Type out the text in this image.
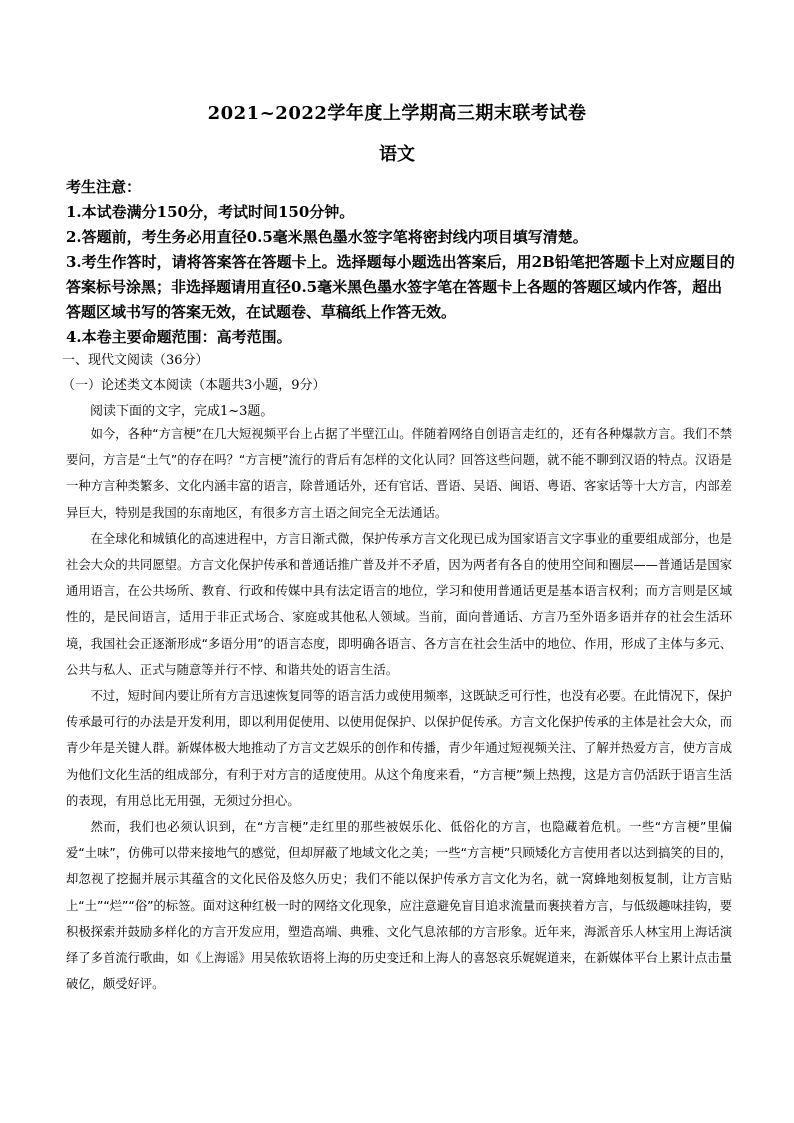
2021~2022学年度上学期高三期末联考试卷
语文

考生注意：

1.本试卷满分150分，考试时间150分钟。

2.答题前，考生务必用直径0.5毫米黑色墨水签字笔将密封线内项目填写清楚。

3.考生作答时，请将答案答在答题卡上。选择题每小题选出答案后，用2B铅笔把答题卡上对应题目的答案标号涂黑；非选择题请用直径0.5毫米黑色墨水签字笔在答题卡上各题的答题区域内作答，超出答题区域书写的答案无效，在试题卷、草稿纸上作答无效。

4.本卷主要命题范围：高考范围。

一、现代文阅读（36分）
（一）论述类文本阅读（本题共3小题，9分）
阅读下面的文字，完成1~3题。

如今，各种“方言梗”在几大短视频平台上占据了半壁江山。伴随着网络自创语言走红的，还有各种爆款方言。我们不禁要问，方言是“土气”的存在吗？“方言梗”流行的背后有怎样的文化认同？回答这些问题，就不能不聊到汉语的特点。汉语是一种方言种类繁多、文化内涵丰富的语言，除普通话外，还有官话、晋语、吴语、闽语、粤语、客家话等十大方言，内部差异巨大，特别是我国的东南地区，有很多方言土语之间完全无法通话。

在全球化和城镇化的高速进程中，方言日渐式微，保护传承方言文化现已成为国家语言文字事业的重要组成部分，也是社会大众的共同愿望。方言文化保护传承和普通话推广普及并不矛盾，因为两者有各自的使用空间和圈层——普通话是国家通用语言，在公共场所、教育、行政和传媒中具有法定语言的地位，学习和使用普通话更是基本语言权利；而方言则是区域性的，是民间语言，适用于非正式场合、家庭或其他私人领域。当前，面向普通话、方言乃至外语多语并存的社会生活环境，我国社会正逐渐形成“多语分用”的语言态度，即明确各语言、各方言在社会生活中的地位、作用，形成了主体与多元、公共与私人、正式与随意等并行不悖、和谐共处的语言生活。

不过，短时间内要让所有方言迅速恢复同等的语言活力或使用频率，这既缺乏可行性，也没有必要。在此情况下，保护传承最可行的办法是开发利用，即以利用促使用、以使用促保护、以保护促传承。方言文化保护传承的主体是社会大众，而青少年是关键人群。新媒体极大地推动了方言文艺娱乐的创作和传播，青少年通过短视频关注、了解并热爱方言，使方言成为他们文化生活的组成部分，有利于对方言的适度使用。从这个角度来看，“方言梗”频上热搜，这是方言仍活跃于语言生活的表现，有用总比无用强，无须过分担心。

然而，我们也必须认识到，在“方言梗”走红里的那些被娱乐化、低俗化的方言，也隐藏着危机。一些“方言梗”里偏爱“土味”，仿佛可以带来接地气的感觉，但却屏蔽了地域文化之美；一些“方言梗”只顾矮化方言使用者以达到搞笑的目的，却忽视了挖掘并展示其蕴含的文化民俗及悠久历史；我们不能以保护传承方言文化为名，就一窝蜂地刻板复制，让方言贴上“土”“烂”“俗”的标签。面对这种红极一时的网络文化现象，应注意避免盲目追求流量而裹挟着方言，与低级趣味挂钩，要积极探索并鼓励多样化的方言开发应用，塑造高端、典雅、文化气息浓郁的方言形象。近年来，海派音乐人林宝用上海话演绎了多首流行歌曲，如《上海谣》用吴侬软语将上海的历史变迁和上海人的喜怒哀乐娓娓道来，在新媒体平台上累计点击量破亿，颇受好评。
